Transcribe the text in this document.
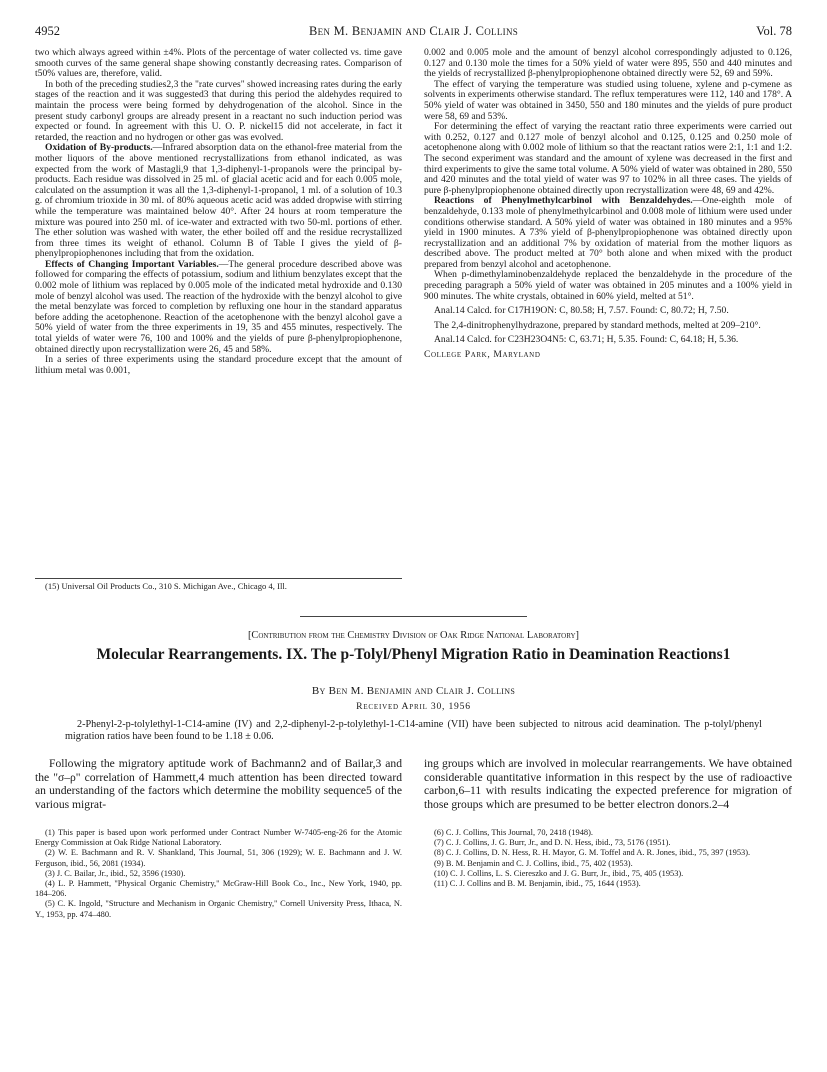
4952	Ben M. Benjamin and Clair J. Collins	Vol. 78

two which always agreed within ±4%. Plots of the percentage of water collected vs. time gave smooth curves of the same general shape showing constantly decreasing rates. Comparison of t50% values are, therefore, valid.

In both of the preceding studies2,3 the "rate curves" showed increasing rates during the early stages of the reaction and it was suggested3 that during this period the aldehydes required to maintain the process were being formed by dehydrogenation of the alcohol. Since in the present study carbonyl groups are already present in a reactant no such induction period was expected or found. In agreement with this U. O. P. nickel15 did not accelerate, in fact it retarded, the reaction and no hydrogen or other gas was evolved.

Oxidation of By-products.—Infrared absorption data on the ethanol-free material from the mother liquors of the above mentioned recrystallizations from ethanol indicated, as was expected from the work of Mastagli,9 that 1,3-diphenyl-1-propanols were the principal by-products. Each residue was dissolved in 25 ml. of glacial acetic acid and for each 0.005 mole, calculated on the assumption it was all the 1,3-diphenyl-1-propanol, 1 ml. of a solution of 10.3 g. of chromium trioxide in 30 ml. of 80% aqueous acetic acid was added dropwise with stirring while the temperature was maintained below 40°. After 24 hours at room temperature the mixture was poured into 250 ml. of ice-water and extracted with two 50-ml. portions of ether. The ether solution was washed with water, the ether boiled off and the residue recrystallized from three times its weight of ethanol. Column B of Table I gives the yield of β-phenylpropiophenones including that from the oxidation.

Effects of Changing Important Variables.—The general procedure described above was followed for comparing the effects of potassium, sodium and lithium benzylates except that the 0.002 mole of lithium was replaced by 0.005 mole of the indicated metal hydroxide and 0.130 mole of benzyl alcohol was used. The reaction of the hydroxide with the benzyl alcohol to give the metal benzylate was forced to completion by refluxing one hour in the standard apparatus before adding the acetophenone. Reaction of the acetophenone with the benzyl alcohol gave a 50% yield of water from the three experiments in 19, 35 and 455 minutes, respectively. The total yields of water were 76, 100 and 100% and the yields of pure β-phenylpropiophenone, obtained directly upon recrystallization were 26, 45 and 58%.

In a series of three experiments using the standard procedure except that the amount of lithium metal was 0.001,

(15) Universal Oil Products Co., 310 S. Michigan Ave., Chicago 4, Ill.

0.002 and 0.005 mole and the amount of benzyl alcohol correspondingly adjusted to 0.126, 0.127 and 0.130 mole the times for a 50% yield of water were 895, 550 and 440 minutes and the yields of recrystallized β-phenylpropiophenone obtained directly were 52, 69 and 59%.

The effect of varying the temperature was studied using toluene, xylene and p-cymene as solvents in experiments otherwise standard. The reflux temperatures were 112, 140 and 178°. A 50% yield of water was obtained in 3450, 550 and 180 minutes and the yields of pure product were 58, 69 and 53%.

For determining the effect of varying the reactant ratio three experiments were carried out with 0.252, 0.127 and 0.127 mole of benzyl alcohol and 0.125, 0.125 and 0.250 mole of acetophenone along with 0.002 mole of lithium so that the reactant ratios were 2:1, 1:1 and 1:2. The second experiment was standard and the amount of xylene was decreased in the first and third experiments to give the same total volume. A 50% yield of water was obtained in 280, 550 and 420 minutes and the total yield of water was 97 to 102% in all three cases. The yields of pure β-phenylpropiophenone obtained directly upon recrystallization were 48, 69 and 42%.

Reactions of Phenylmethylcarbinol with Benzaldehydes.—One-eighth mole of benzaldehyde, 0.133 mole of phenylmethylcarbinol and 0.008 mole of lithium were used under conditions otherwise standard. A 50% yield of water was obtained in 180 minutes and a 95% yield in 1900 minutes. A 73% yield of β-phenylpropiophenone was obtained directly upon recrystallization and an additional 7% by oxidation of material from the mother liquors as described above. The product melted at 70° both alone and when mixed with the product prepared from benzyl alcohol and acetophenone.

When p-dimethylaminobenzaldehyde replaced the benzaldehyde in the procedure of the preceding paragraph a 50% yield of water was obtained in 205 minutes and a 100% yield in 900 minutes. The white crystals, obtained in 60% yield, melted at 51°.

Anal.14 Calcd. for C17H19ON: C, 80.58; H, 7.57. Found: C, 80.72; H, 7.50.

The 2,4-dinitrophenylhydrazone, prepared by standard methods, melted at 209–210°.

Anal.14 Calcd. for C23H23O4N5: C, 63.71; H, 5.35. Found: C, 64.18; H, 5.36.

College Park, Maryland

[Contribution from the Chemistry Division of Oak Ridge National Laboratory]
Molecular Rearrangements. IX. The p-Tolyl/Phenyl Migration Ratio in Deamination Reactions1
By Ben M. Benjamin and Clair J. Collins
Received April 30, 1956

2-Phenyl-2-p-tolylethyl-1-C14-amine (IV) and 2,2-diphenyl-2-p-tolylethyl-1-C14-amine (VII) have been subjected to nitrous acid deamination. The p-tolyl/phenyl migration ratios have been found to be 1.18 ± 0.06.

Following the migratory aptitude work of Bachmann2 and of Bailar,3 and the "σ–ρ" correlation of Hammett,4 much attention has been directed toward an understanding of the factors which determine the mobility sequence5 of the various migrat-

ing groups which are involved in molecular rearrangements. We have obtained considerable quantitative information in this respect by the use of radioactive carbon,6–11 with results indicating the expected preference for migration of those groups which are presumed to be better electron donors.2–4

(1) This paper is based upon work performed under Contract Number W-7405-eng-26 for the Atomic Energy Commission at Oak Ridge National Laboratory.

(2) W. E. Bachmann and R. V. Shankland, This Journal, 51, 306 (1929); W. E. Bachmann and J. W. Ferguson, ibid., 56, 2081 (1934).

(3) J. C. Bailar, Jr., ibid., 52, 3596 (1930).

(4) L. P. Hammett, "Physical Organic Chemistry," McGraw-Hill Book Co., Inc., New York, 1940, pp. 184–206.

(5) C. K. Ingold, "Structure and Mechanism in Organic Chemistry," Cornell University Press, Ithaca, N. Y., 1953, pp. 474–480.

(6) C. J. Collins, This Journal, 70, 2418 (1948).

(7) C. J. Collins, J. G. Burr, Jr., and D. N. Hess, ibid., 73, 5176 (1951).

(8) C. J. Collins, D. N. Hess, R. H. Mayor, G. M. Toffel and A. R. Jones, ibid., 75, 397 (1953).

(9) B. M. Benjamin and C. J. Collins, ibid., 75, 402 (1953).

(10) C. J. Collins, L. S. Ciereszko and J. G. Burr, Jr., ibid., 75, 405 (1953).

(11) C. J. Collins and B. M. Benjamin, ibid., 75, 1644 (1953).
